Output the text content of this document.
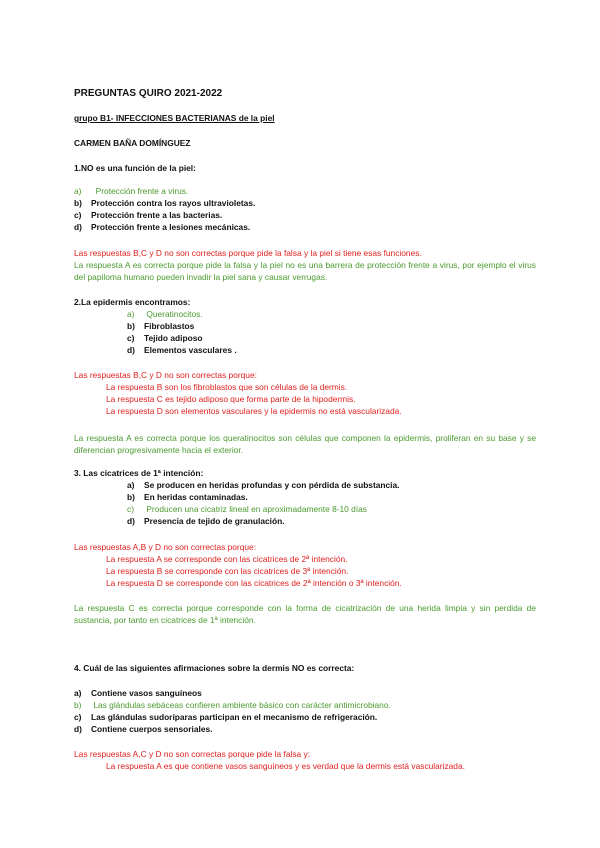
PREGUNTAS QUIRO 2021-2022
grupo B1- INFECCIONES BACTERIANAS de la piel
CARMEN BAÑA DOMÍNGUEZ
1.NO es una función de la piel:
a) Protección frente a virus.
b) Protección contra los rayos ultravioletas.
c) Protección frente a las bacterias.
d) Protección frente a lesiones mecánicas.
Las respuestas B,C y D no son correctas porque pide la falsa y la piel si tiene esas funciones.
La respuesta A es correcta porque pide la falsa y la piel no es una barrera de protección frente a virus, por ejemplo el virus del papiloma humano pueden invadir la piel sana y causar verrugas.
2.La epidermis encontramos:
a) Queratinocitos.
b) Fibroblastos
c) Tejido adiposo
d) Elementos vasculares .
Las respuestas B,C y D no son correctas porque:
La respuesta B son los fibroblastos que son células de la dermis.
La respuesta C es tejido adiposo que forma parte de la hipodermis.
La respuesta D son elementos vasculares y la epidermis no está vascularizada.
La respuesta A es correcta porque los queratinocitos son células que componen la epidermis, proliferan en su base y se diferencian progresivamente hacia el exterior.
3. Las cicatrices de 1ª intención:
a) Se producen en heridas profundas y con pérdida de substancia.
b) En heridas contaminadas.
c) Producen una cicatriz lineal en aproximadamente 8-10 días
d) Presencia de tejido de granulación.
Las respuestas A,B y D no son correctas porque:
La respuesta A se corresponde con las cicatrices de 2ª intención.
La respuesta B se corresponde con las cicatrices de 3ª intención.
La respuesta D se corresponde con las cicatrices de 2ª intención o 3ª intención.
La respuesta C es correcta porque corresponde con la forma de cicatrización de una herida limpia y sin perdida de sustancia, por tanto en cicatrices de 1ª intención.
4. Cuál de las siguientes afirmaciones sobre la dermis NO es correcta:
a) Contiene vasos sanguíneos
b) Las glándulas sebáceas confieren ambiente básico con carácter antimicrobiano.
c) Las glándulas sudoríparas participan en el mecanismo de refrigeración.
d) Contiene cuerpos sensoriales.
Las respuestas A,C y D no son correctas porque pide la falsa y:
La respuesta A es que contiene vasos sanguíneos y es verdad que la dermis está vascularizada.
